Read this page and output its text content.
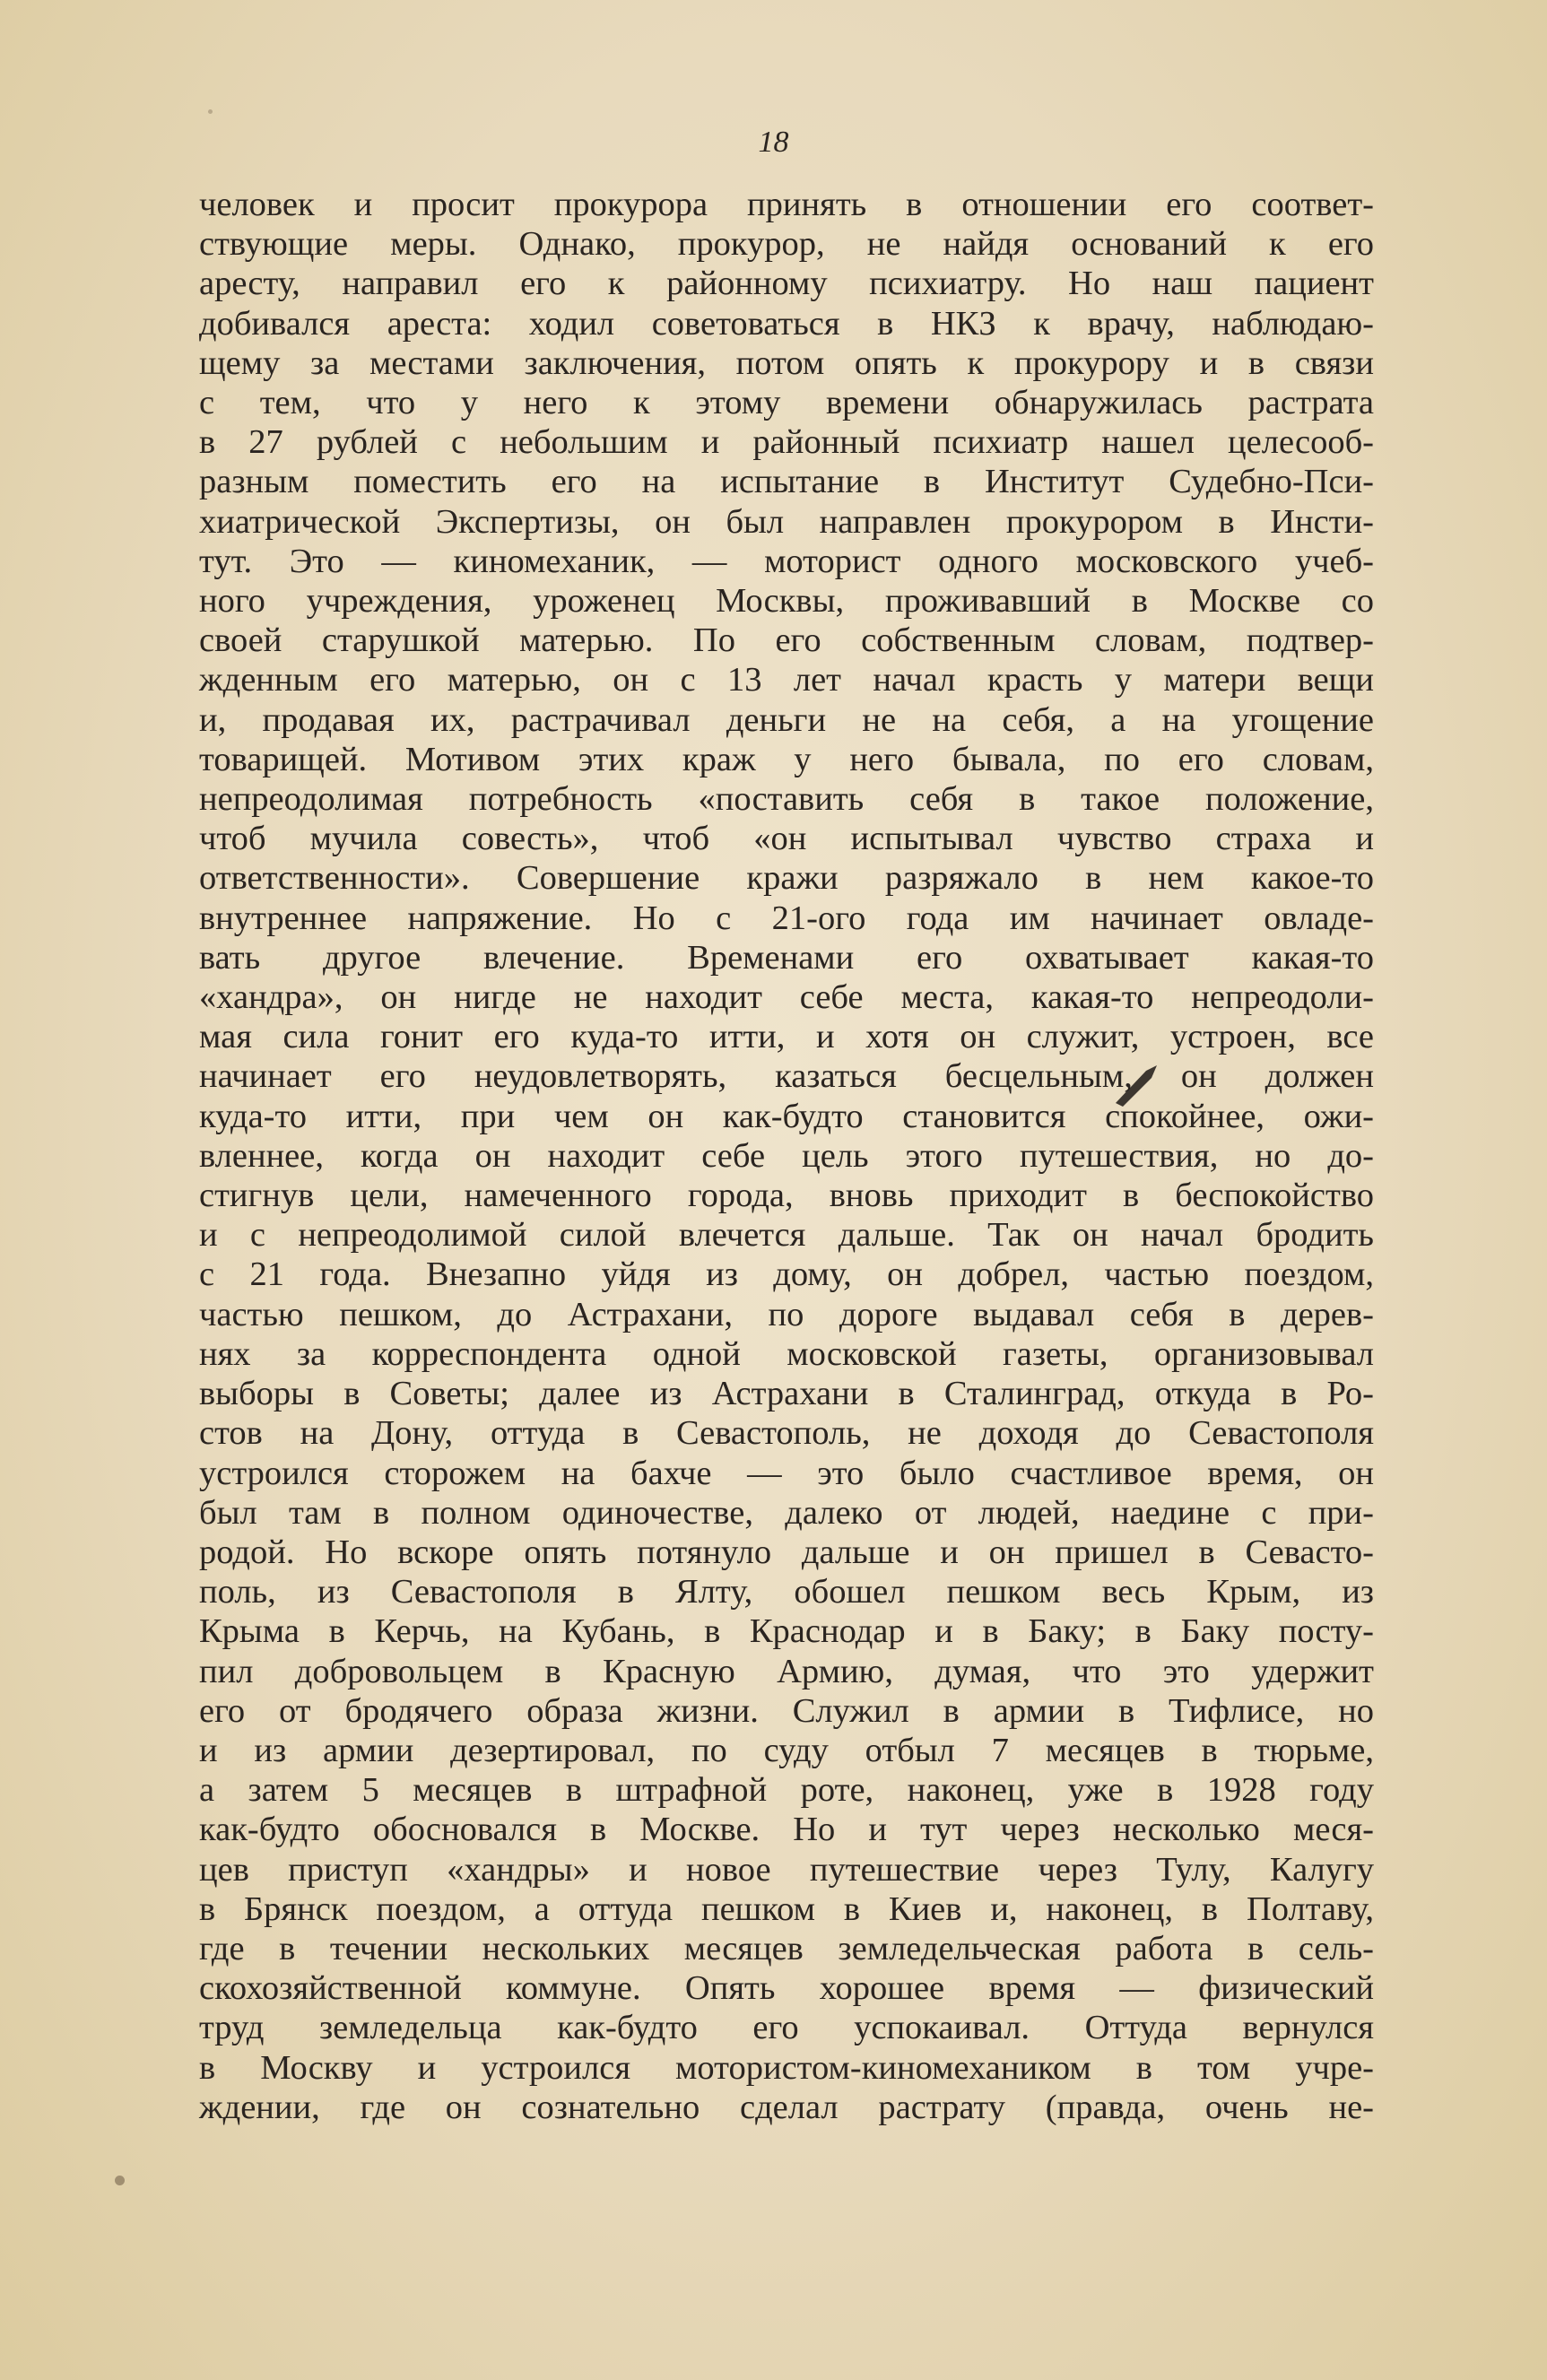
18
человек и просит прокурора принять в отношении его соответ-
ствующие меры. Однако, прокурор, не найдя оснований к его
аресту, направил его к районному психиатру. Но наш пациент
добивался ареста: ходил советоваться в НКЗ к врачу, наблюдаю-
щему за местами заключения, потом опять к прокурору и в связи
с тем, что у него к этому времени обнаружилась растрата
в 27 рублей с небольшим и районный психиатр нашел целесооб-
разным поместить его на испытание в Институт Судебно-Пси-
хиатрической Экспертизы, он был направлен прокурором в Инсти-
тут. Это — киномеханик, — моторист одного московского учеб-
ного учреждения, уроженец Москвы, проживавший в Москве со
своей старушкой матерью. По его собственным словам, подтвер-
жденным его матерью, он с 13 лет начал красть у матери вещи
и, продавая их, растрачивал деньги не на себя, а на угощение
товарищей. Мотивом этих краж у него бывала, по его словам,
непреодолимая потребность «поставить себя в такое положение,
чтоб мучила совесть», чтоб «он испытывал чувство страха и
ответственности». Совершение кражи разряжало в нем какое-то
внутреннее напряжение. Но с 21-ого года им начинает овладе-
вать другое влечение. Временами его охватывает какая-то
«хандра», он нигде не находит себе места, какая-то непреодоли-
мая сила гонит его куда-то итти, и хотя он служит, устроен, все
начинает его неудовлетворять, казаться бесцельным, он должен
куда-то итти, при чем он как-будто становится спокойнее, ожи-
вленнее, когда он находит себе цель этого путешествия, но до-
стигнув цели, намеченного города, вновь приходит в беспокойство
и с непреодолимой силой влечется дальше. Так он начал бродить
с 21 года. Внезапно уйдя из дому, он добрел, частью поездом,
частью пешком, до Астрахани, по дороге выдавал себя в дерев-
нях за корреспондента одной московской газеты, организовывал
выборы в Советы; далее из Астрахани в Сталинград, откуда в Ро-
стов на Дону, оттуда в Севастополь, не доходя до Севастополя
устроился сторожем на бахче — это было счастливое время, он
был там в полном одиночестве, далеко от людей, наедине с при-
родой. Но вскоре опять потянуло дальше и он пришел в Севасто-
поль, из Севастополя в Ялту, обошел пешком весь Крым, из
Крыма в Керчь, на Кубань, в Краснодар и в Баку; в Баку посту-
пил добровольцем в Красную Армию, думая, что это удержит
его от бродячего образа жизни. Служил в армии в Тифлисе, но
и из армии дезертировал, по суду отбыл 7 месяцев в тюрьме,
а затем 5 месяцев в штрафной роте, наконец, уже в 1928 году
как-будто обосновался в Москве. Но и тут через несколько меся-
цев приступ «хандры» и новое путешествие через Тулу, Калугу
в Брянск поездом, а оттуда пешком в Киев и, наконец, в Полтаву,
где в течении нескольких месяцев земледельческая работа в сель-
скохозяйственной коммуне. Опять хорошее время — физический
труд земледельца как-будто его успокаивал. Оттуда вернулся
в Москву и устроился мотористом-киномехаником в том учре-
ждении, где он сознательно сделал растрату (правда, очень не-
